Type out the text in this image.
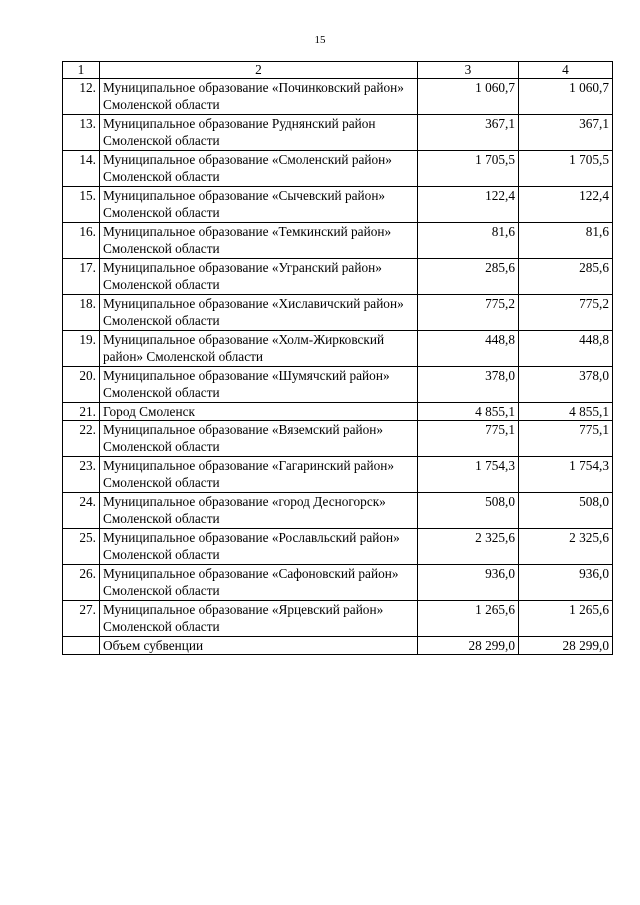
15
1	2	3	4
12.	Муниципальное образование «Починковский район» Смоленской области	1 060,7	1 060,7
13.	Муниципальное образование Руднянский район Смоленской области	367,1	367,1
14.	Муниципальное образование «Смоленский район» Смоленской области	1 705,5	1 705,5
15.	Муниципальное образование «Сычевский район» Смоленской области	122,4	122,4
16.	Муниципальное образование «Темкинский район» Смоленской области	81,6	81,6
17.	Муниципальное образование «Угранский район» Смоленской области	285,6	285,6
18.	Муниципальное образование «Хиславичский район» Смоленской области	775,2	775,2
19.	Муниципальное образование «Холм-Жирковский район» Смоленской области	448,8	448,8
20.	Муниципальное образование «Шумячский район» Смоленской области	378,0	378,0
21.	Город Смоленск	4 855,1	4 855,1
22.	Муниципальное образование «Вяземский район» Смоленской области	775,1	775,1
23.	Муниципальное образование «Гагаринский район» Смоленской области	1 754,3	1 754,3
24.	Муниципальное образование «город Десногорск» Смоленской области	508,0	508,0
25.	Муниципальное образование «Рославльский район» Смоленской области	2 325,6	2 325,6
26.	Муниципальное образование «Сафоновский район» Смоленской области	936,0	936,0
27.	Муниципальное образование «Ярцевский район» Смоленской области	1 265,6	1 265,6
	Объем субвенции	28 299,0	28 299,0
